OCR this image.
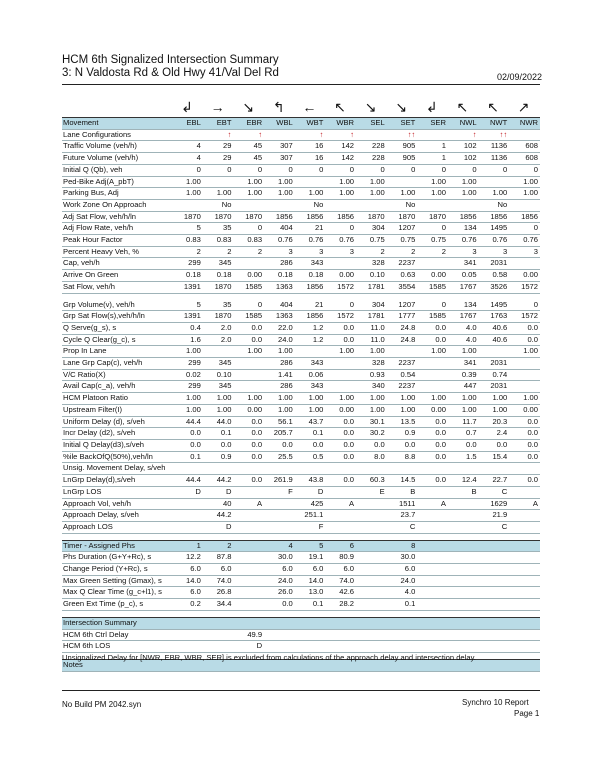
HCM 6th Signalized Intersection Summary
3: N Valdosta Rd & Old Hwy 41/Val Del Rd	02/09/2022
↲	→	↘	↰	←	↖	↘	↘	↲	↖	↖	↗
Movement	EBL	EBT	EBR	WBL	WBT	WBR	SEL	SET	SER	NWL	NWT	NWR
Lane Configurations		↑	↑		↑	↑		↑↑		↑	↑↑	
Traffic Volume (veh/h)	4	29	45	307	16	142	228	905	1	102	1136	608
Future Volume (veh/h)	4	29	45	307	16	142	228	905	1	102	1136	608
Initial Q (Qb), veh	0	0	0	0	0	0	0	0	0	0	0	0
Ped-Bike Adj(A_pbT)	1.00		1.00	1.00		1.00	1.00		1.00	1.00		1.00
Parking Bus, Adj	1.00	1.00	1.00	1.00	1.00	1.00	1.00	1.00	1.00	1.00	1.00	1.00
Work Zone On Approach		No			No			No			No	
Adj Sat Flow, veh/h/ln	1870	1870	1870	1856	1856	1856	1870	1870	1870	1856	1856	1856
Adj Flow Rate, veh/h	5	35	0	404	21	0	304	1207	0	134	1495	0
Peak Hour Factor	0.83	0.83	0.83	0.76	0.76	0.76	0.75	0.75	0.75	0.76	0.76	0.76
Percent Heavy Veh, %	2	2	2	3	3	3	2	2	2	3	3	3
Cap, veh/h	299	345		286	343		328	2237		341	2031	
Arrive On Green	0.18	0.18	0.00	0.18	0.18	0.00	0.10	0.63	0.00	0.05	0.58	0.00
Sat Flow, veh/h	1391	1870	1585	1363	1856	1572	1781	3554	1585	1767	3526	1572

Grp Volume(v), veh/h	5	35	0	404	21	0	304	1207	0	134	1495	0
Grp Sat Flow(s),veh/h/ln	1391	1870	1585	1363	1856	1572	1781	1777	1585	1767	1763	1572
Q Serve(g_s), s	0.4	2.0	0.0	22.0	1.2	0.0	11.0	24.8	0.0	4.0	40.6	0.0
Cycle Q Clear(g_c), s	1.6	2.0	0.0	24.0	1.2	0.0	11.0	24.8	0.0	4.0	40.6	0.0
Prop In Lane	1.00		1.00	1.00		1.00	1.00		1.00	1.00		1.00
Lane Grp Cap(c), veh/h	299	345		286	343		328	2237		341	2031	
V/C Ratio(X)	0.02	0.10		1.41	0.06		0.93	0.54		0.39	0.74	
Avail Cap(c_a), veh/h	299	345		286	343		340	2237		447	2031	
HCM Platoon Ratio	1.00	1.00	1.00	1.00	1.00	1.00	1.00	1.00	1.00	1.00	1.00	1.00
Upstream Filter(I)	1.00	1.00	0.00	1.00	1.00	0.00	1.00	1.00	0.00	1.00	1.00	0.00
Uniform Delay (d), s/veh	44.4	44.0	0.0	56.1	43.7	0.0	30.1	13.5	0.0	11.7	20.3	0.0
Incr Delay (d2), s/veh	0.0	0.1	0.0	205.7	0.1	0.0	30.2	0.9	0.0	0.7	2.4	0.0
Initial Q Delay(d3),s/veh	0.0	0.0	0.0	0.0	0.0	0.0	0.0	0.0	0.0	0.0	0.0	0.0
%ile BackOfQ(50%),veh/ln	0.1	0.9	0.0	25.5	0.5	0.0	8.0	8.8	0.0	1.5	15.4	0.0
Unsig. Movement Delay, s/veh												
LnGrp Delay(d),s/veh	44.4	44.2	0.0	261.9	43.8	0.0	60.3	14.5	0.0	12.4	22.7	0.0
LnGrp LOS	D	D		F	D		E	B		B	C	
Approach Vol, veh/h		40	A		425	A		1511	A		1629	A
Approach Delay, s/veh		44.2			251.1			23.7			21.9	
Approach LOS		D			F			C			C	

Timer - Assigned Phs	1	2		4	5	6		8				
Phs Duration (G+Y+Rc), s	12.2	87.8		30.0	19.1	80.9		30.0				
Change Period (Y+Rc), s	6.0	6.0		6.0	6.0	6.0		6.0				
Max Green Setting (Gmax), s	14.0	74.0		24.0	14.0	74.0		24.0				
Max Q Clear Time (g_c+l1), s	6.0	26.8		26.0	13.0	42.6		4.0				
Green Ext Time (p_c), s	0.2	34.4		0.0	0.1	28.2		0.1				

Intersection Summary												
HCM 6th Ctrl Delay			49.9									
HCM 6th LOS			D									

Notes												
Unsignalized Delay for [NWR, EBR, WBR, SER] is excluded from calculations of the approach delay and intersection delay.
No Build PM 2042.syn	Synchro 10 Report
Page 1
